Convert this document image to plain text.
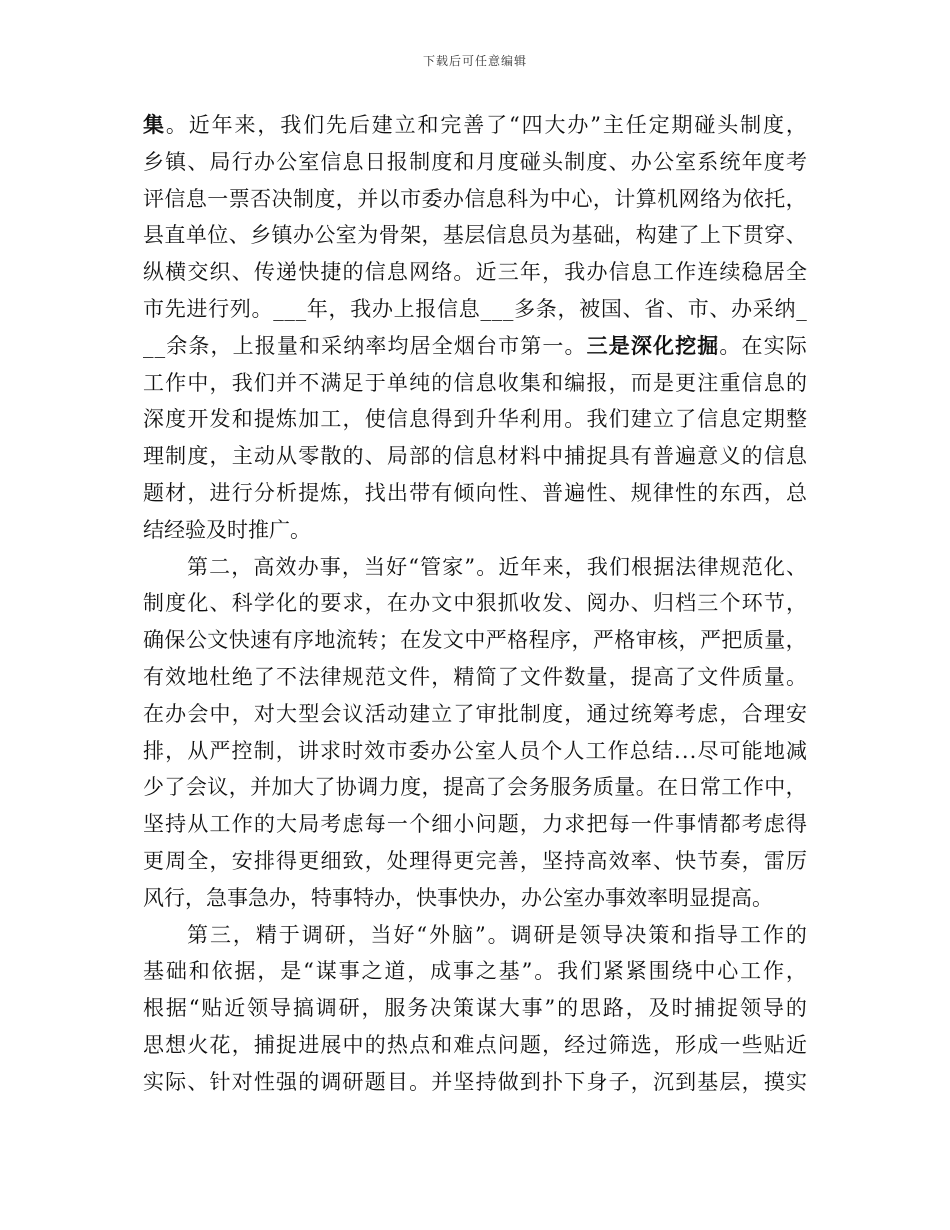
下载后可任意编辑
集 。 近 年 来 ， 我 们 先 后 建 立 和 完 善 了 “ 四 大 办 ” 主 任 定 期 碰 头 制 度 ，
乡 镇 、 局 行 办 公 室 信 息 日 报 制 度 和 月 度 碰 头 制 度 、 办 公 室 系 统 年 度 考
评 信 息 一 票 否 决 制 度 ， 并 以 市 委 办 信 息 科 为 中 心 ， 计 算 机 网 络 为 依 托 ，
县 直 单 位 、 乡 镇 办 公 室 为 骨 架 ， 基 层 信 息 员 为 基 础 ， 构 建 了 上 下 贯 穿 、
纵 横 交 织 、 传 递 快 捷 的 信 息 网 络 。 近 三 年 ， 我 办 信 息 工 作 连 续 稳 居 全
市 先 进 行 列 。 _ _ _ 年 ， 我 办 上 报 信 息 _ _ _ 多 条 ， 被 国 、 省 、 市 、 办 采 纳 _
_ _ 余 条 ， 上 报 量 和 采 纳 率 均 居 全 烟 台 市 第 一 。 三 是 深 化 挖 掘 。 在 实 际
工 作 中 ， 我 们 并 不 满 足 于 单 纯 的 信 息 收 集 和 编 报 ， 而 是 更 注 重 信 息 的
深 度 开 发 和 提 炼 加 工 ， 使 信 息 得 到 升 华 利 用 。 我 们 建 立 了 信 息 定 期 整
理 制 度 ， 主 动 从 零 散 的 、 局 部 的 信 息 材 料 中 捕 捉 具 有 普 遍 意 义 的 信 息
题 材 ， 进 行 分 析 提 炼 ， 找 出 带 有 倾 向 性 、 普 遍 性 、 规 律 性 的 东 西 ， 总
结 经 验 及 时 推 广 。
第 二 ， 高 效 办 事 ， 当 好 “ 管 家 ” 。 近 年 来 ， 我 们 根 据 法 律 规 范 化 、
制 度 化 、 科 学 化 的 要 求 ， 在 办 文 中 狠 抓 收 发 、 阅 办 、 归 档 三 个 环 节 ，
确 保 公 文 快 速 有 序 地 流 转 ； 在 发 文 中 严 格 程 序 ， 严 格 审 核 ， 严 把 质 量 ，
有 效 地 杜 绝 了 不 法 律 规 范 文 件 ， 精 简 了 文 件 数 量 ， 提 高 了 文 件 质 量 。
在 办 会 中 ， 对 大 型 会 议 活 动 建 立 了 审 批 制 度 ， 通 过 统 筹 考 虑 ， 合 理 安
排 ， 从 严 控 制 ， 讲 求 时 效 市 委 办 公 室 人 员 个 人 工 作 总 结 . . . 尽 可 能 地 减
少 了 会 议 ， 并 加 大 了 协 调 力 度 ， 提 高 了 会 务 服 务 质 量 。 在 日 常 工 作 中 ，
坚 持 从 工 作 的 大 局 考 虑 每 一 个 细 小 问 题 ， 力 求 把 每 一 件 事 情 都 考 虑 得
更 周 全 ， 安 排 得 更 细 致 ， 处 理 得 更 完 善 ， 坚 持 高 效 率 、 快 节 奏 ， 雷 厉
风 行 ， 急 事 急 办 ， 特 事 特 办 ， 快 事 快 办 ， 办 公 室 办 事 效 率 明 显 提 高 。
第 三 ， 精 于 调 研 ， 当 好 “ 外 脑 ” 。 调 研 是 领 导 决 策 和 指 导 工 作 的
基 础 和 依 据 ， 是 “ 谋 事 之 道 ， 成 事 之 基 ” 。 我 们 紧 紧 围 绕 中 心 工 作 ，
根 据 “ 贴 近 领 导 搞 调 研 ， 服 务 决 策 谋 大 事 ” 的 思 路 ， 及 时 捕 捉 领 导 的
思 想 火 花 ， 捕 捉 进 展 中 的 热 点 和 难 点 问 题 ， 经 过 筛 选 ， 形 成 一 些 贴 近
实 际 、 针 对 性 强 的 调 研 题 目 。 并 坚 持 做 到 扑 下 身 子 ， 沉 到 基 层 ， 摸 实
